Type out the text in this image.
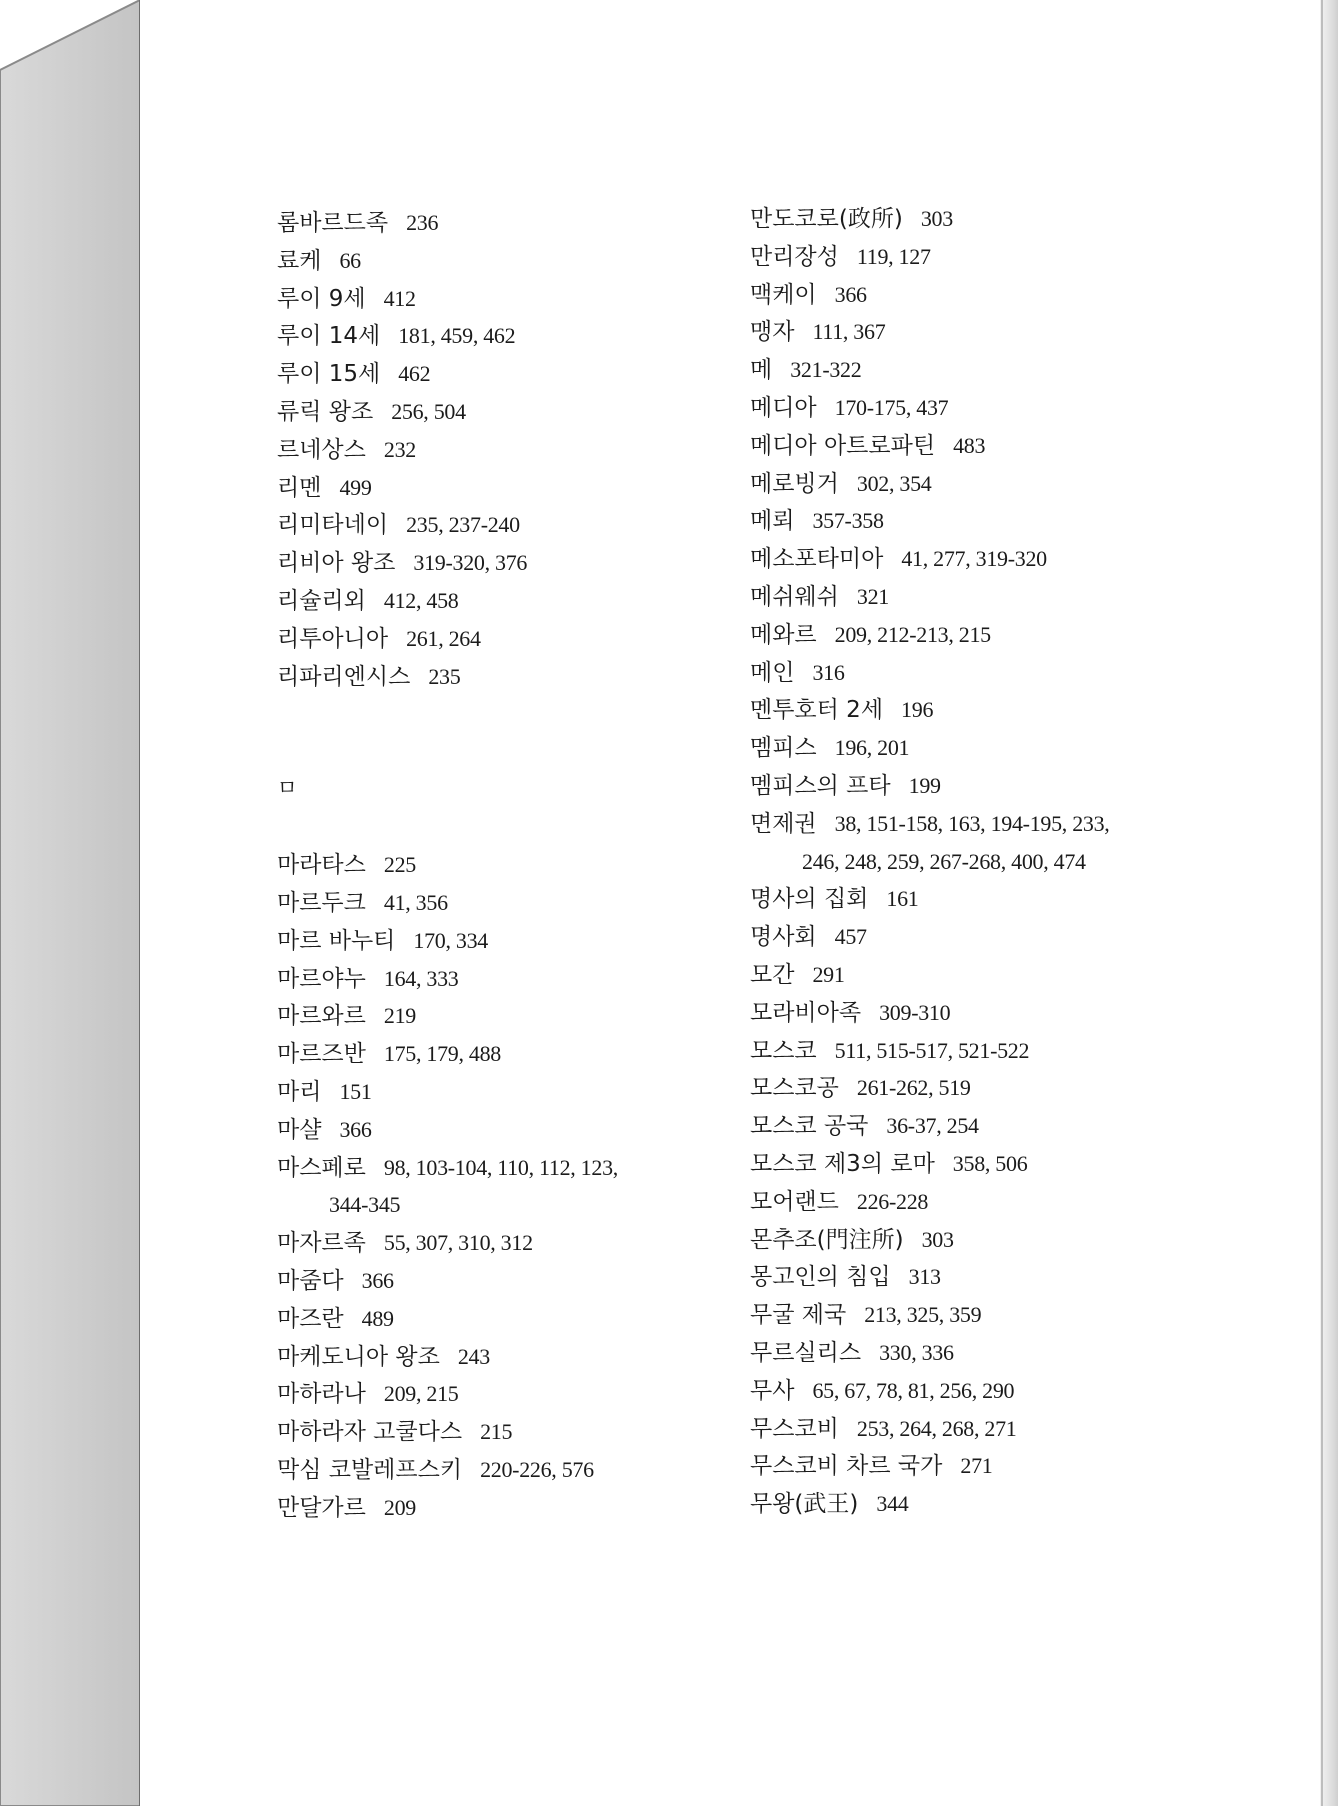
롬바르드족 236
료케 66
루이 9세 412
루이 14세 181, 459, 462
루이 15세 462
류릭 왕조 256, 504
르네상스 232
리멘 499
리미타네이 235, 237-240
리비아 왕조 319-320, 376
리슐리외 412, 458
리투아니아 261, 264
리파리엔시스 235
ㅁ
마라타스 225
마르두크 41, 356
마르 바누티 170, 334
마르야누 164, 333
마르와르 219
마르즈반 175, 179, 488
마리 151
마샬 366
마스페로 98, 103-104, 110, 112, 123,
344-345
마자르족 55, 307, 310, 312
마줌다 366
마즈란 489
마케도니아 왕조 243
마하라나 209, 215
마하라자 고쿨다스 215
막심 코발레프스키 220-226, 576
만달가르 209
만도코로(政所) 303
만리장성 119, 127
맥케이 366
맹자 111, 367
메 321-322
메디아 170-175, 437
메디아 아트로파틴 483
메로빙거 302, 354
메뢰 357-358
메소포타미아 41, 277, 319-320
메쉬웨쉬 321
메와르 209, 212-213, 215
메인 316
멘투호터 2세 196
멤피스 196, 201
멤피스의 프타 199
면제권 38, 151-158, 163, 194-195, 233,
246, 248, 259, 267-268, 400, 474
명사의 집회 161
명사회 457
모간 291
모라비아족 309-310
모스코 511, 515-517, 521-522
모스코공 261-262, 519
모스코 공국 36-37, 254
모스코 제3의 로마 358, 506
모어랜드 226-228
몬추조(門注所) 303
몽고인의 침입 313
무굴 제국 213, 325, 359
무르실리스 330, 336
무사 65, 67, 78, 81, 256, 290
무스코비 253, 264, 268, 271
무스코비 차르 국가 271
무왕(武王) 344
